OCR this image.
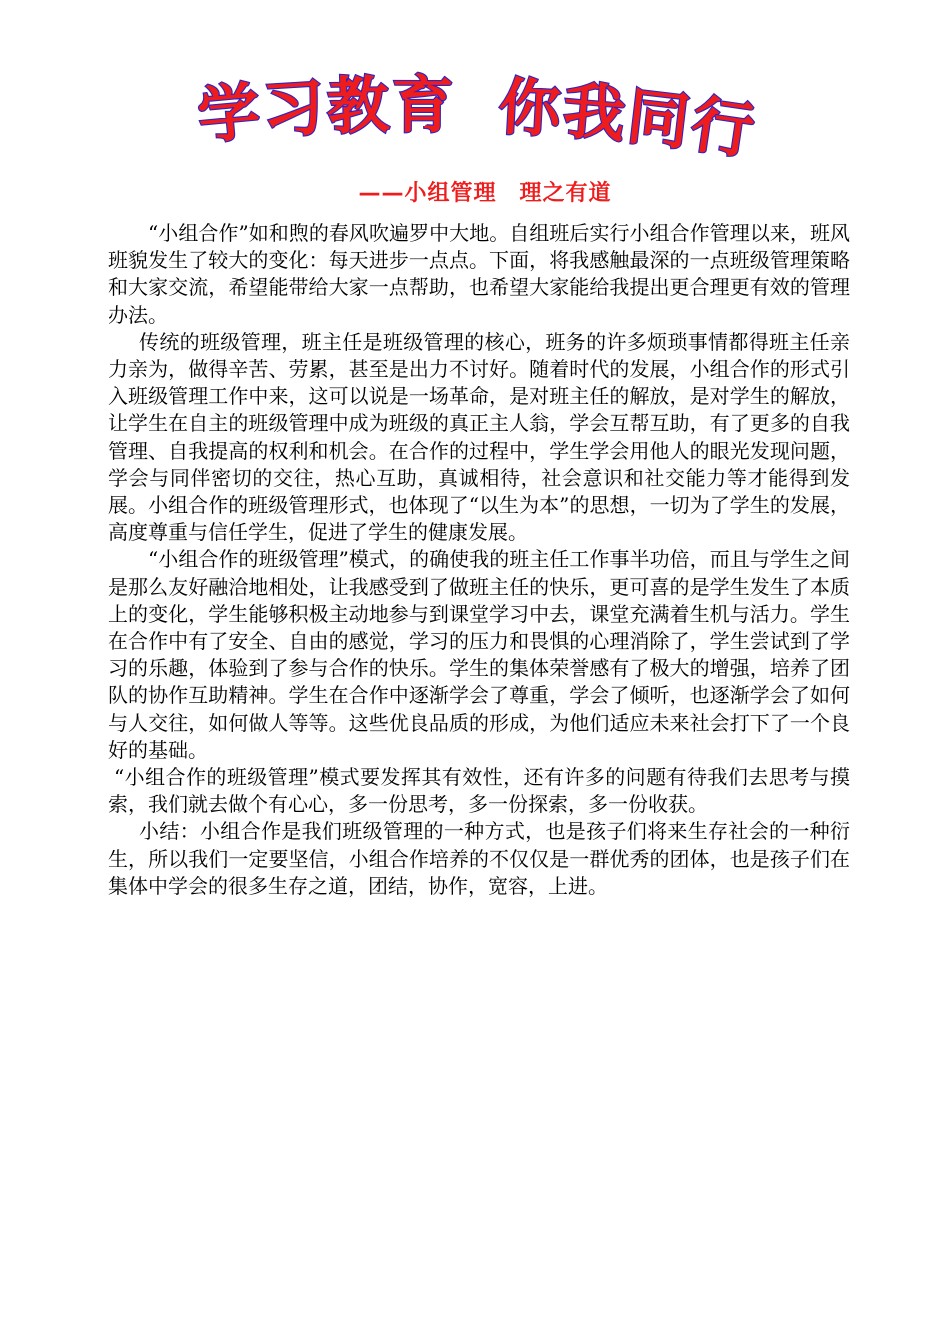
学习教育 你我同行
——小组管理　理之有道

“小组合作”如和煦的春风吹遍罗中大地。自组班后实行小组合作管理以来，班风班貌发生了较大的变化：每天进步一点点。下面，将我感触最深的一点班级管理策略和大家交流，希望能带给大家一点帮助，也希望大家能给我提出更合理更有效的管理办法。

传统的班级管理，班主任是班级管理的核心，班务的许多烦琐事情都得班主任亲力亲为，做得辛苦、劳累，甚至是出力不讨好。随着时代的发展，小组合作的形式引入班级管理工作中来，这可以说是一场革命，是对班主任的解放，是对学生的解放，让学生在自主的班级管理中成为班级的真正主人翁，学会互帮互助，有了更多的自我管理、自我提高的权利和机会。在合作的过程中，学生学会用他人的眼光发现问题，学会与同伴密切的交往，热心互助，真诚相待，社会意识和社交能力等才能得到发展。小组合作的班级管理形式，也体现了“以生为本”的思想，一切为了学生的发展，高度尊重与信任学生，促进了学生的健康发展。

“小组合作的班级管理”模式，的确使我的班主任工作事半功倍，而且与学生之间是那么友好融洽地相处，让我感受到了做班主任的快乐，更可喜的是学生发生了本质上的变化，学生能够积极主动地参与到课堂学习中去，课堂充满着生机与活力。学生在合作中有了安全、自由的感觉，学习的压力和畏惧的心理消除了，学生尝试到了学习的乐趣，体验到了参与合作的快乐。学生的集体荣誉感有了极大的增强，培养了团队的协作互助精神。学生在合作中逐渐学会了尊重，学会了倾听，也逐渐学会了如何与人交往，如何做人等等。这些优良品质的形成，为他们适应未来社会打下了一个良好的基础。

“小组合作的班级管理”模式要发挥其有效性，还有许多的问题有待我们去思考与摸索，我们就去做个有心心，多一份思考，多一份探索，多一份收获。

小结：小组合作是我们班级管理的一种方式，也是孩子们将来生存社会的一种衍生，所以我们一定要坚信，小组合作培养的不仅仅是一群优秀的团体，也是孩子们在集体中学会的很多生存之道，团结，协作，宽容，上进。
